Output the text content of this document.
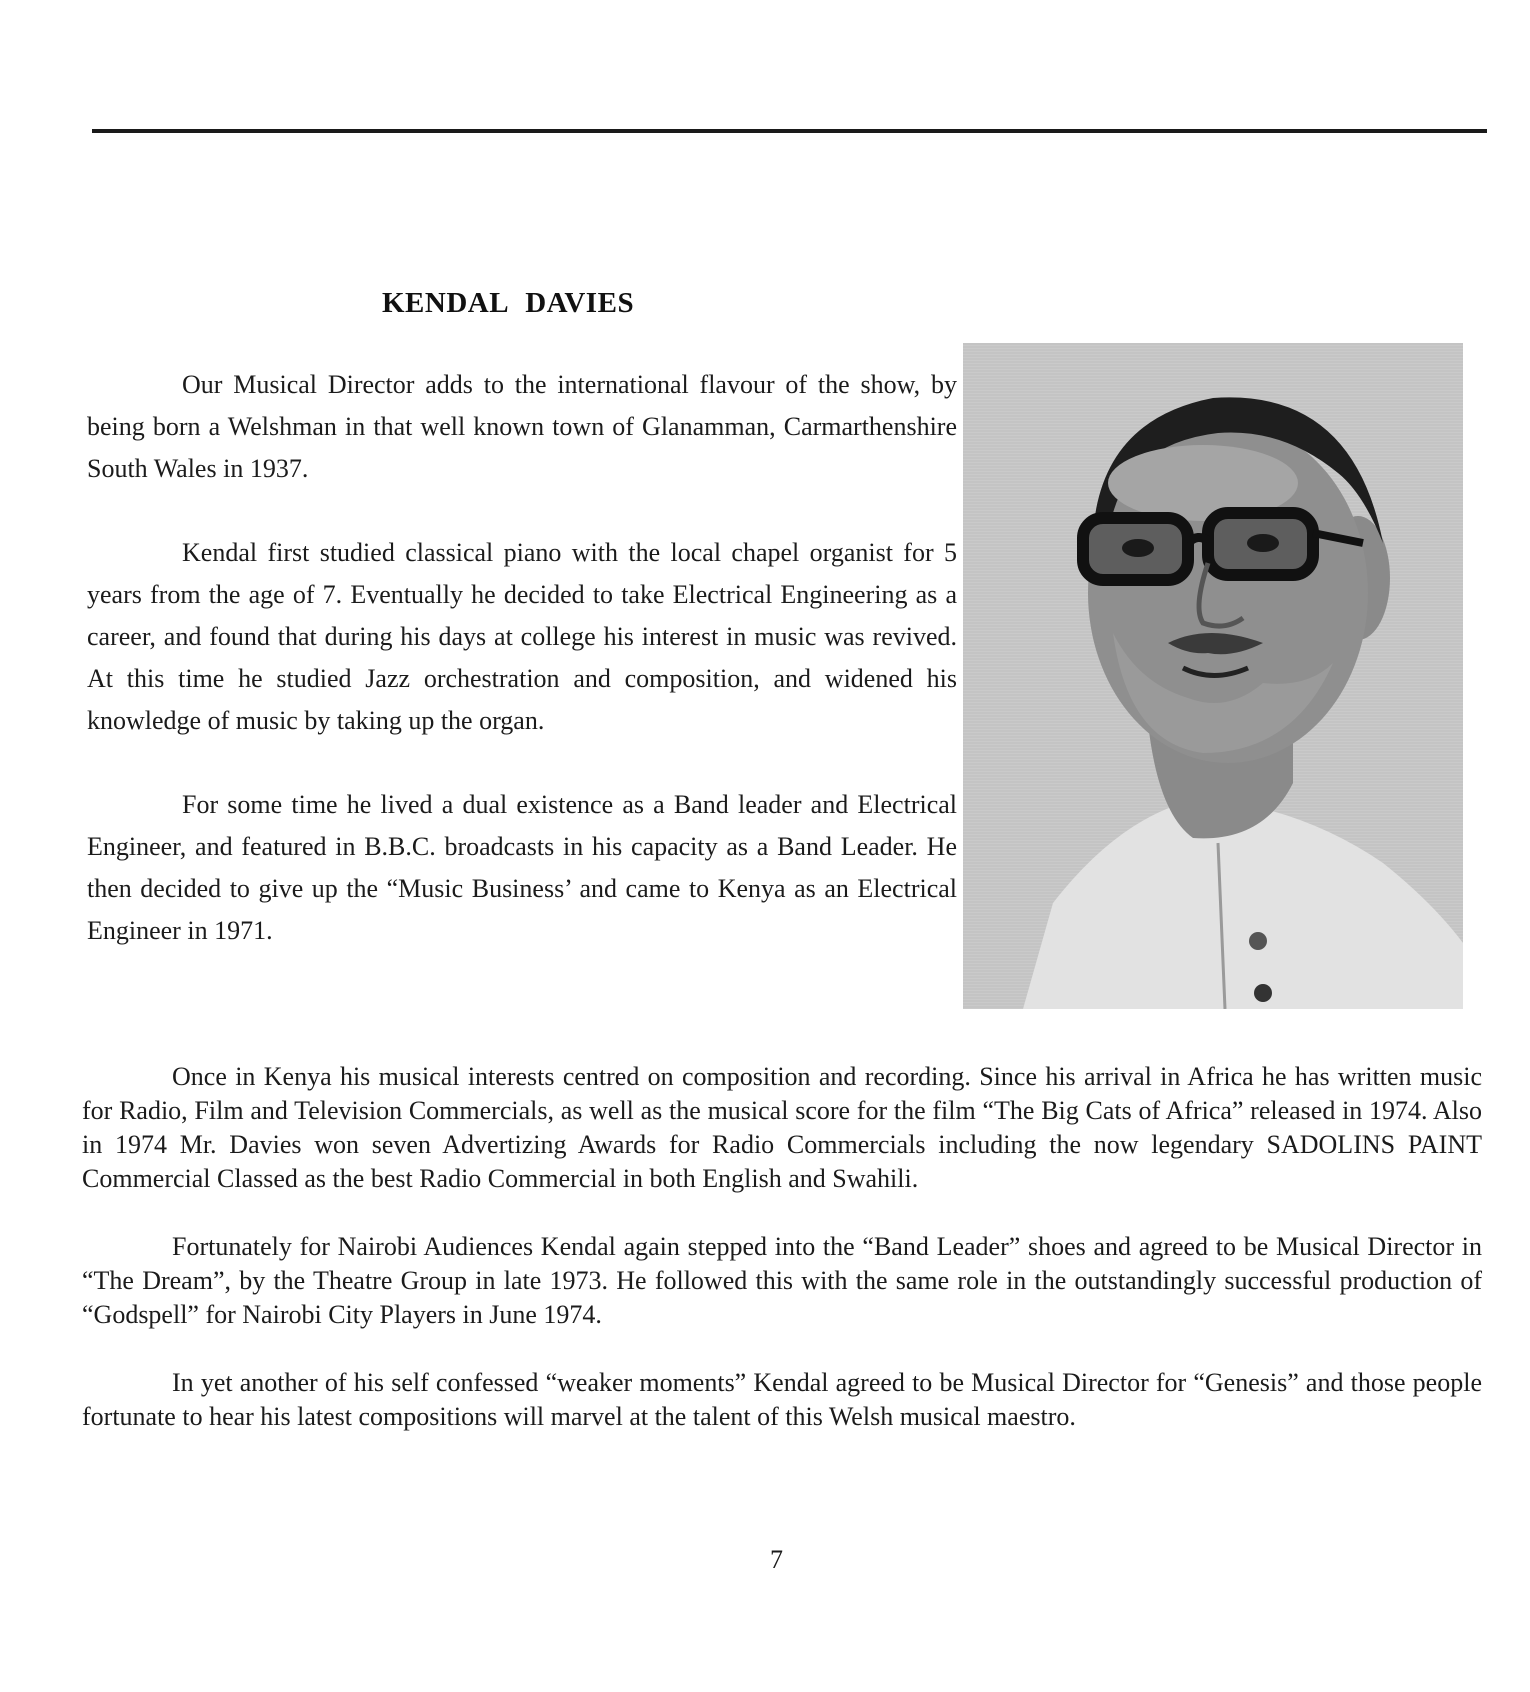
KENDAL DAVIES

Our Musical Director adds to the international flavour of the show, by being born a Welshman in that well known town of Glanamman, Carmarthenshire South Wales in 1937.

Kendal first studied classical piano with the local chapel organist for 5 years from the age of 7. Eventually he decided to take Electrical Engineering as a career, and found that during his days at college his interest in music was revived. At this time he studied Jazz orchestration and composition, and widened his knowledge of music by taking up the organ.

For some time he lived a dual existence as a Band leader and Electrical Engineer, and featured in B.B.C. broadcasts in his capacity as a Band Leader. He then decided to give up the “Music Business’ and came to Kenya as an Electrical Engineer in 1971.

Once in Kenya his musical interests centred on composition and recording. Since his arrival in Africa he has written music for Radio, Film and Television Commercials, as well as the musical score for the film “The Big Cats of Africa” released in 1974. Also in 1974 Mr. Davies won seven Advertizing Awards for Radio Commercials including the now legendary SADOLINS PAINT Commercial Classed as the best Radio Commercial in both English and Swahili.

Fortunately for Nairobi Audiences Kendal again stepped into the “Band Leader” shoes and agreed to be Musical Director in “The Dream”, by the Theatre Group in late 1973. He followed this with the same role in the outstandingly successful production of “Godspell” for Nairobi City Players in June 1974.

In yet another of his self confessed “weaker moments” Kendal agreed to be Musical Director for “Genesis” and those people fortunate to hear his latest compositions will marvel at the talent of this Welsh musical maestro.

7
